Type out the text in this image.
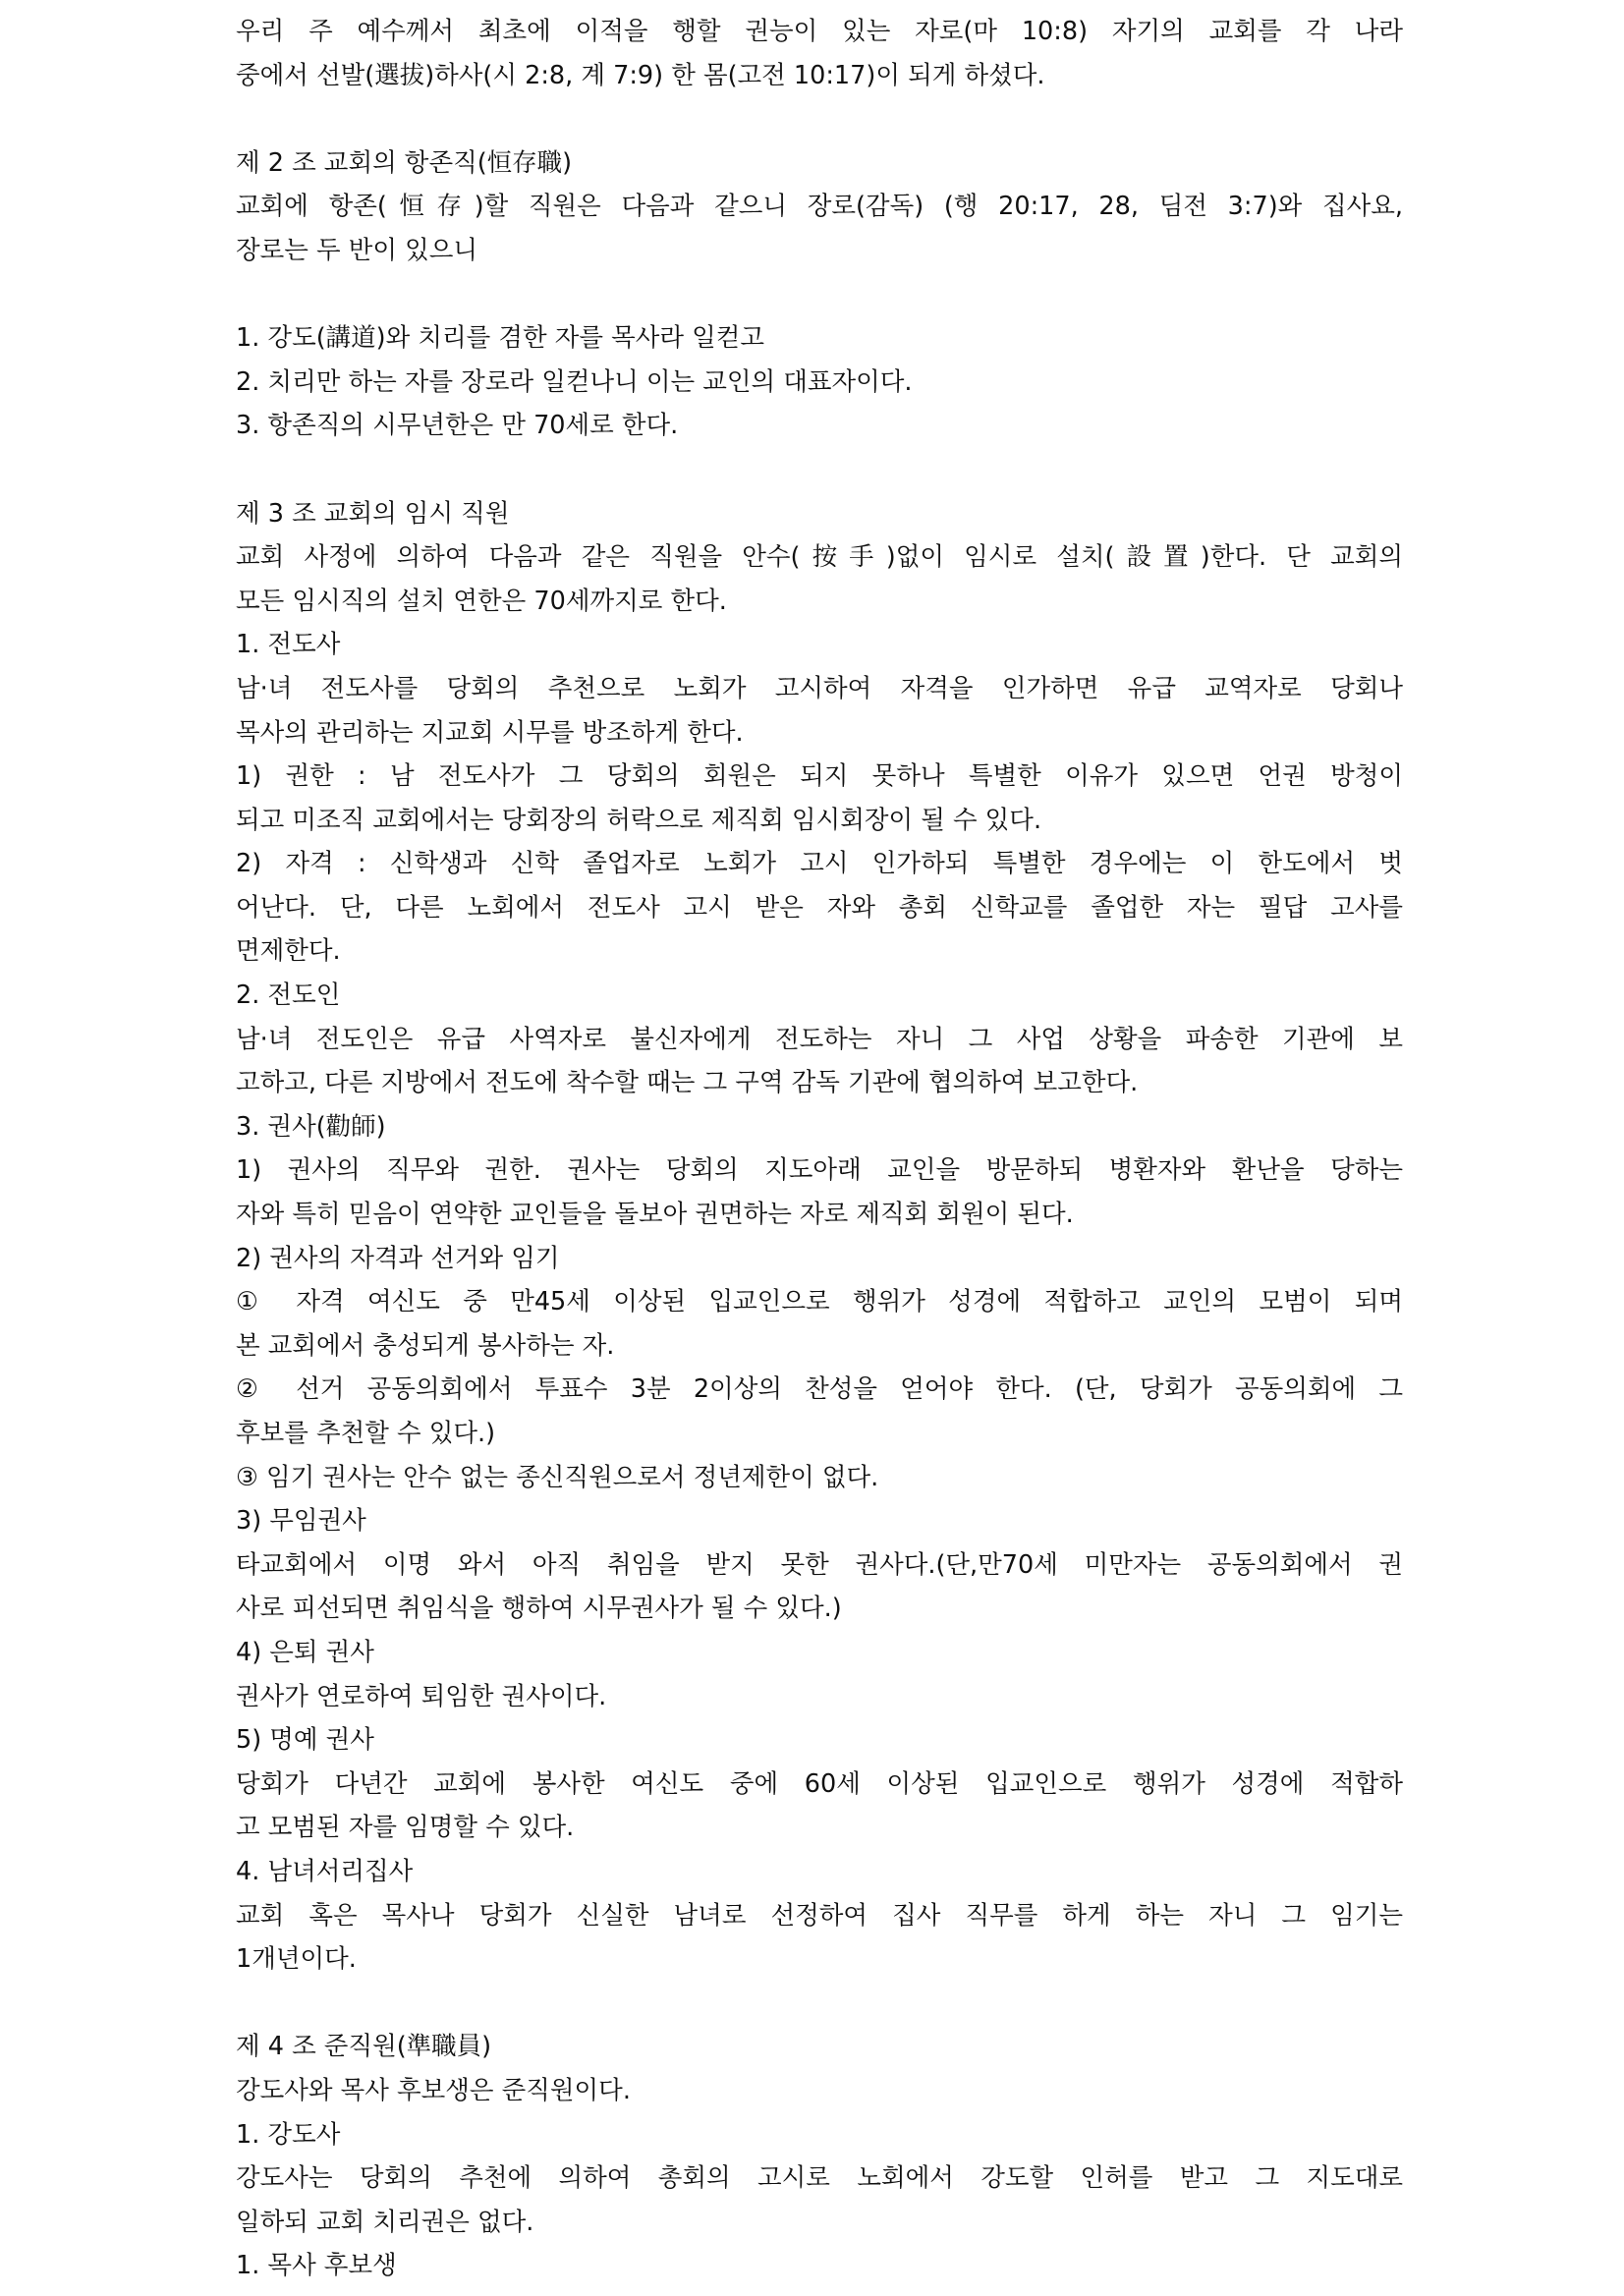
우리 주 예수께서 최초에 이적을 행할 권능이 있는 자로(마 10:8) 자기의 교회를 각 나라
중에서 선발(選拔)하사(시 2:8, 계 7:9) 한 몸(고전 10:17)이 되게 하셨다.
제 2 조 교회의 항존직(恒存職)
교회에 항존(恒存)할 직원은 다음과 같으니 장로(감독) (행 20:17, 28, 딤전 3:7)와 집사요,
장로는 두 반이 있으니
1. 강도(講道)와 치리를 겸한 자를 목사라 일컫고
2. 치리만 하는 자를 장로라 일컫나니 이는 교인의 대표자이다.
3. 항존직의 시무년한은 만 70세로 한다.
제 3 조 교회의 임시 직원
교회 사정에 의하여 다음과 같은 직원을 안수(按手)없이 임시로 설치(設置)한다. 단 교회의
모든 임시직의 설치 연한은 70세까지로 한다.
1. 전도사
남·녀 전도사를 당회의 추천으로 노회가 고시하여 자격을 인가하면 유급 교역자로 당회나
목사의 관리하는 지교회 시무를 방조하게 한다.
1) 권한 : 남 전도사가 그 당회의 회원은 되지 못하나 특별한 이유가 있으면 언권 방청이
되고 미조직 교회에서는 당회장의 허락으로 제직회 임시회장이 될 수 있다.
2) 자격 : 신학생과 신학 졸업자로 노회가 고시 인가하되 특별한 경우에는 이 한도에서 벗
어난다. 단, 다른 노회에서 전도사 고시 받은 자와 총회 신학교를 졸업한 자는 필답 고사를
면제한다.
2. 전도인
남·녀 전도인은 유급 사역자로 불신자에게 전도하는 자니 그 사업 상황을 파송한 기관에 보
고하고, 다른 지방에서 전도에 착수할 때는 그 구역 감독 기관에 협의하여 보고한다.
3. 권사(勸師)
1) 권사의 직무와 권한. 권사는 당회의 지도아래 교인을 방문하되 병환자와 환난을 당하는
자와 특히 믿음이 연약한 교인들을 돌보아 권면하는 자로 제직회 회원이 된다.
2) 권사의 자격과 선거와 임기
① 자격 여신도 중 만45세 이상된 입교인으로 행위가 성경에 적합하고 교인의 모범이 되며
본 교회에서 충성되게 봉사하는 자.
② 선거 공동의회에서 투표수 3분 2이상의 찬성을 얻어야 한다. (단, 당회가 공동의회에 그
후보를 추천할 수 있다.)
③ 임기 권사는 안수 없는 종신직원으로서 정년제한이 없다.
3) 무임권사
타교회에서 이명 와서 아직 취임을 받지 못한 권사다.(단,만70세 미만자는 공동의회에서 권
사로 피선되면 취임식을 행하여 시무권사가 될 수 있다.)
4) 은퇴 권사
권사가 연로하여 퇴임한 권사이다.
5) 명예 권사
당회가 다년간 교회에 봉사한 여신도 중에 60세 이상된 입교인으로 행위가 성경에 적합하
고 모범된 자를 임명할 수 있다.
4. 남녀서리집사
교회 혹은 목사나 당회가 신실한 남녀로 선정하여 집사 직무를 하게 하는 자니 그 임기는
1개년이다.
제 4 조 준직원(準職員)
강도사와 목사 후보생은 준직원이다.
1. 강도사
강도사는 당회의 추천에 의하여 총회의 고시로 노회에서 강도할 인허를 받고 그 지도대로
일하되 교회 치리권은 없다.
1. 목사 후보생
